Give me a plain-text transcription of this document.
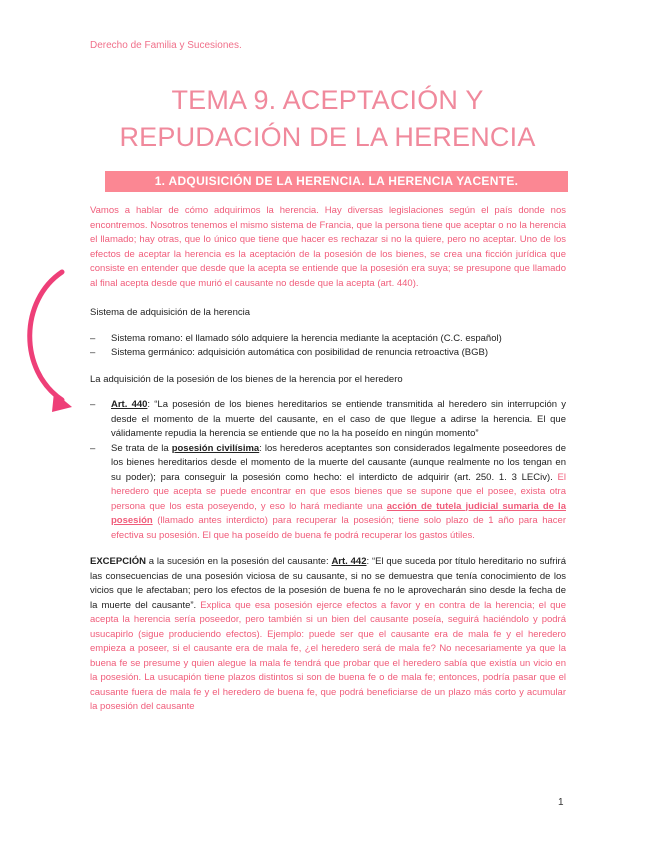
Derecho de Familia y Sucesiones.
TEMA 9. ACEPTACIÓN Y
REPUDACIÓN DE LA HERENCIA
1. ADQUISICIÓN DE LA HERENCIA. LA HERENCIA YACENTE.

Vamos a hablar de cómo adquirimos la herencia. Hay diversas legislaciones según el país donde nos encontremos. Nosotros tenemos el mismo sistema de Francia, que la persona tiene que aceptar o no la herencia el llamado; hay otras, que lo único que tiene que hacer es rechazar si no la quiere, pero no aceptar. Uno de los efectos de aceptar la herencia es la aceptación de la posesión de los bienes, se crea una ficción jurídica que consiste en entender que desde que la acepta se entiende que la posesión era suya; se presupone que llamado al final acepta desde que murió el causante no desde que la acepta (art. 440).

Sistema de adquisición de la herencia

– Sistema romano: el llamado sólo adquiere la herencia mediante la aceptación (C.C. español)
– Sistema germánico: adquisición automática con posibilidad de renuncia retroactiva (BGB)

La adquisición de la posesión de los bienes de la herencia por el heredero

– Art. 440: “La posesión de los bienes hereditarios se entiende transmitida al heredero sin interrupción y desde el momento de la muerte del causante, en el caso de que llegue a adirse la herencia. El que válidamente repudia la herencia se entiende que no la ha poseído en ningún momento”
– Se trata de la posesión civilísima: los herederos aceptantes son considerados legalmente poseedores de los bienes hereditarios desde el momento de la muerte del causante (aunque realmente no los tengan en su poder); para conseguir la posesión como hecho: el interdicto de adquirir (art. 250. 1. 3 LECiv). El heredero que acepta se puede encontrar en que esos bienes que se supone que el posee, exista otra persona que los esta poseyendo, y eso lo hará mediante una acción de tutela judicial sumaria de la posesión (llamado antes interdicto) para recuperar la posesión; tiene solo plazo de 1 año para hacer efectiva su posesión. El que ha poseído de buena fe podrá recuperar los gastos útiles.

EXCEPCIÓN a la sucesión en la posesión del causante: Art. 442: “El que suceda por título hereditario no sufrirá las consecuencias de una posesión viciosa de su causante, si no se demuestra que tenía conocimiento de los vicios que le afectaban; pero los efectos de la posesión de buena fe no le aprovecharán sino desde la fecha de la muerte del causante”. Explica que esa posesión ejerce efectos a favor y en contra de la herencia; el que acepta la herencia sería poseedor, pero también si un bien del causante poseía, seguirá haciéndolo y podrá usucapirlo (sigue produciendo efectos). Ejemplo: puede ser que el causante era de mala fe y el heredero empieza a poseer, si el causante era de mala fe, ¿el heredero será de mala fe? No necesariamente ya que la buena fe se presume y quien alegue la mala fe tendrá que probar que el heredero sabía que existía un vicio en la posesión. La usucapión tiene plazos distintos si son de buena fe o de mala fe; entonces, podría pasar que el causante fuera de mala fe y el heredero de buena fe, que podrá beneficiarse de un plazo más corto y acumular la posesión del causante

1
